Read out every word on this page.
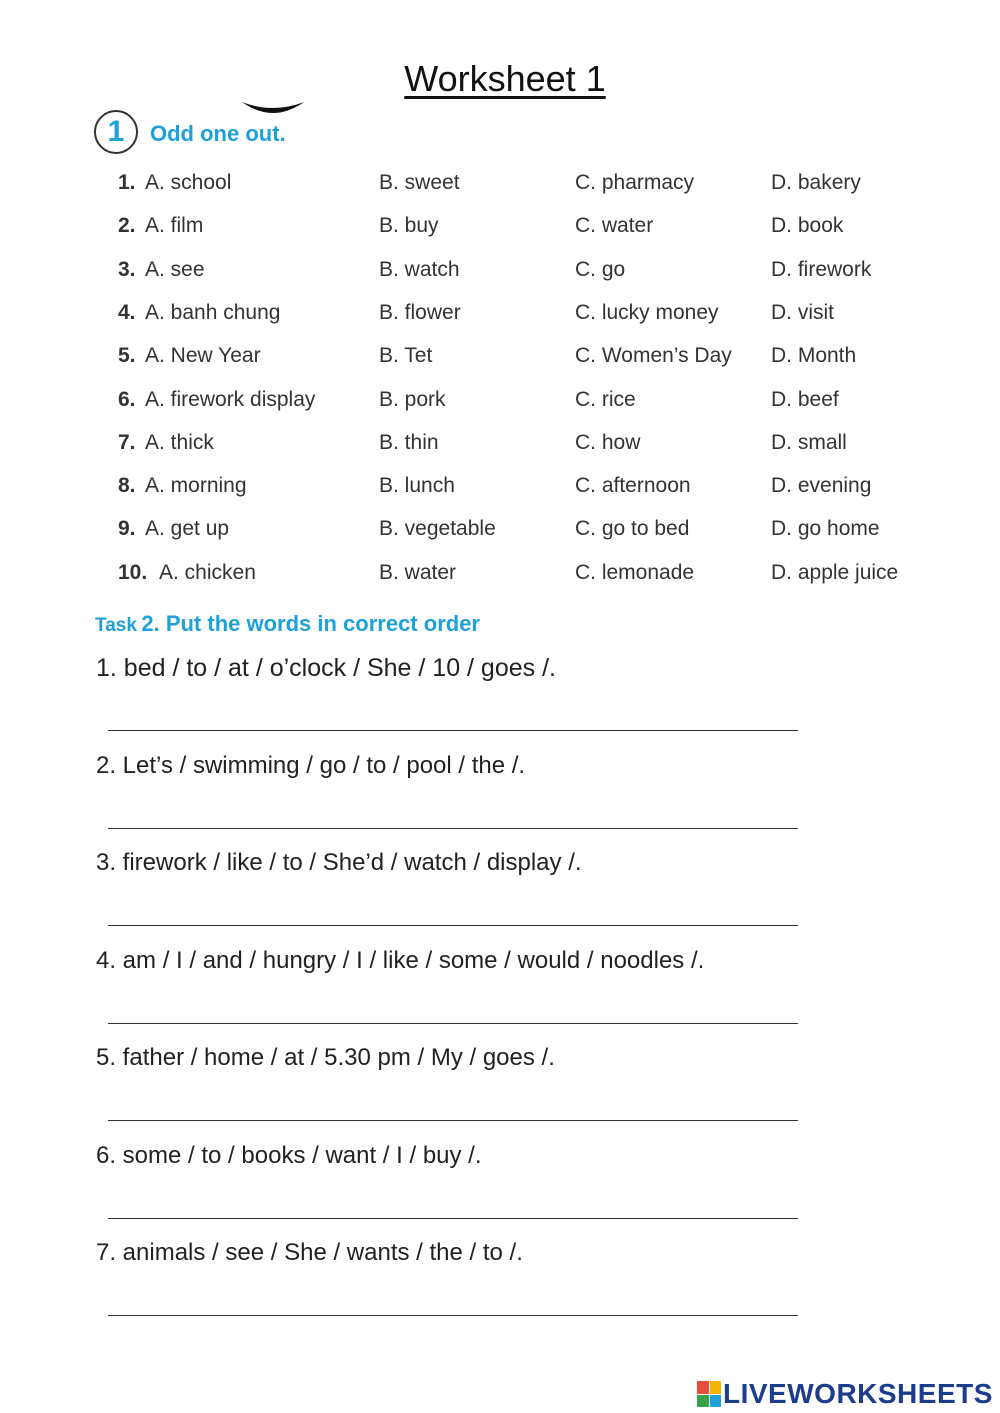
Worksheet 1
1	Odd one out.
1. A. school	B. sweet	C. pharmacy	D. bakery
2. A. film	B. buy	C. water	D. book
3. A. see	B. watch	C. go	D. firework
4. A. banh chung	B. flower	C. lucky money D. visit
5. A. New Year	B. Tet	C. Women’s Day D. Month
6. A. firework display	B. pork	C. rice	D. beef
7. A. thick	B. thin	C. how	D. small
8. A. morning	B. lunch	C. afternoon	D. evening
9. A. get up	B. vegetable	C. go to bed	D. go home
10. A. chicken	B. water	C. lemonade	D. apple juice
Task 2. Put the words in correct order
1. bed / to / at / o’clock / She / 10 / goes /.
2. Let’s / swimming / go / to / pool / the /.
3. firework / like / to / She’d / watch / display /.
4. am / I / and / hungry / I / like / some / would / noodles /.
5. father / home / at / 5.30 pm / My / goes /.
6. some / to / books / want / I / buy /.
7. animals / see / She / wants / the / to /.
LIVEWORKSHEETS
